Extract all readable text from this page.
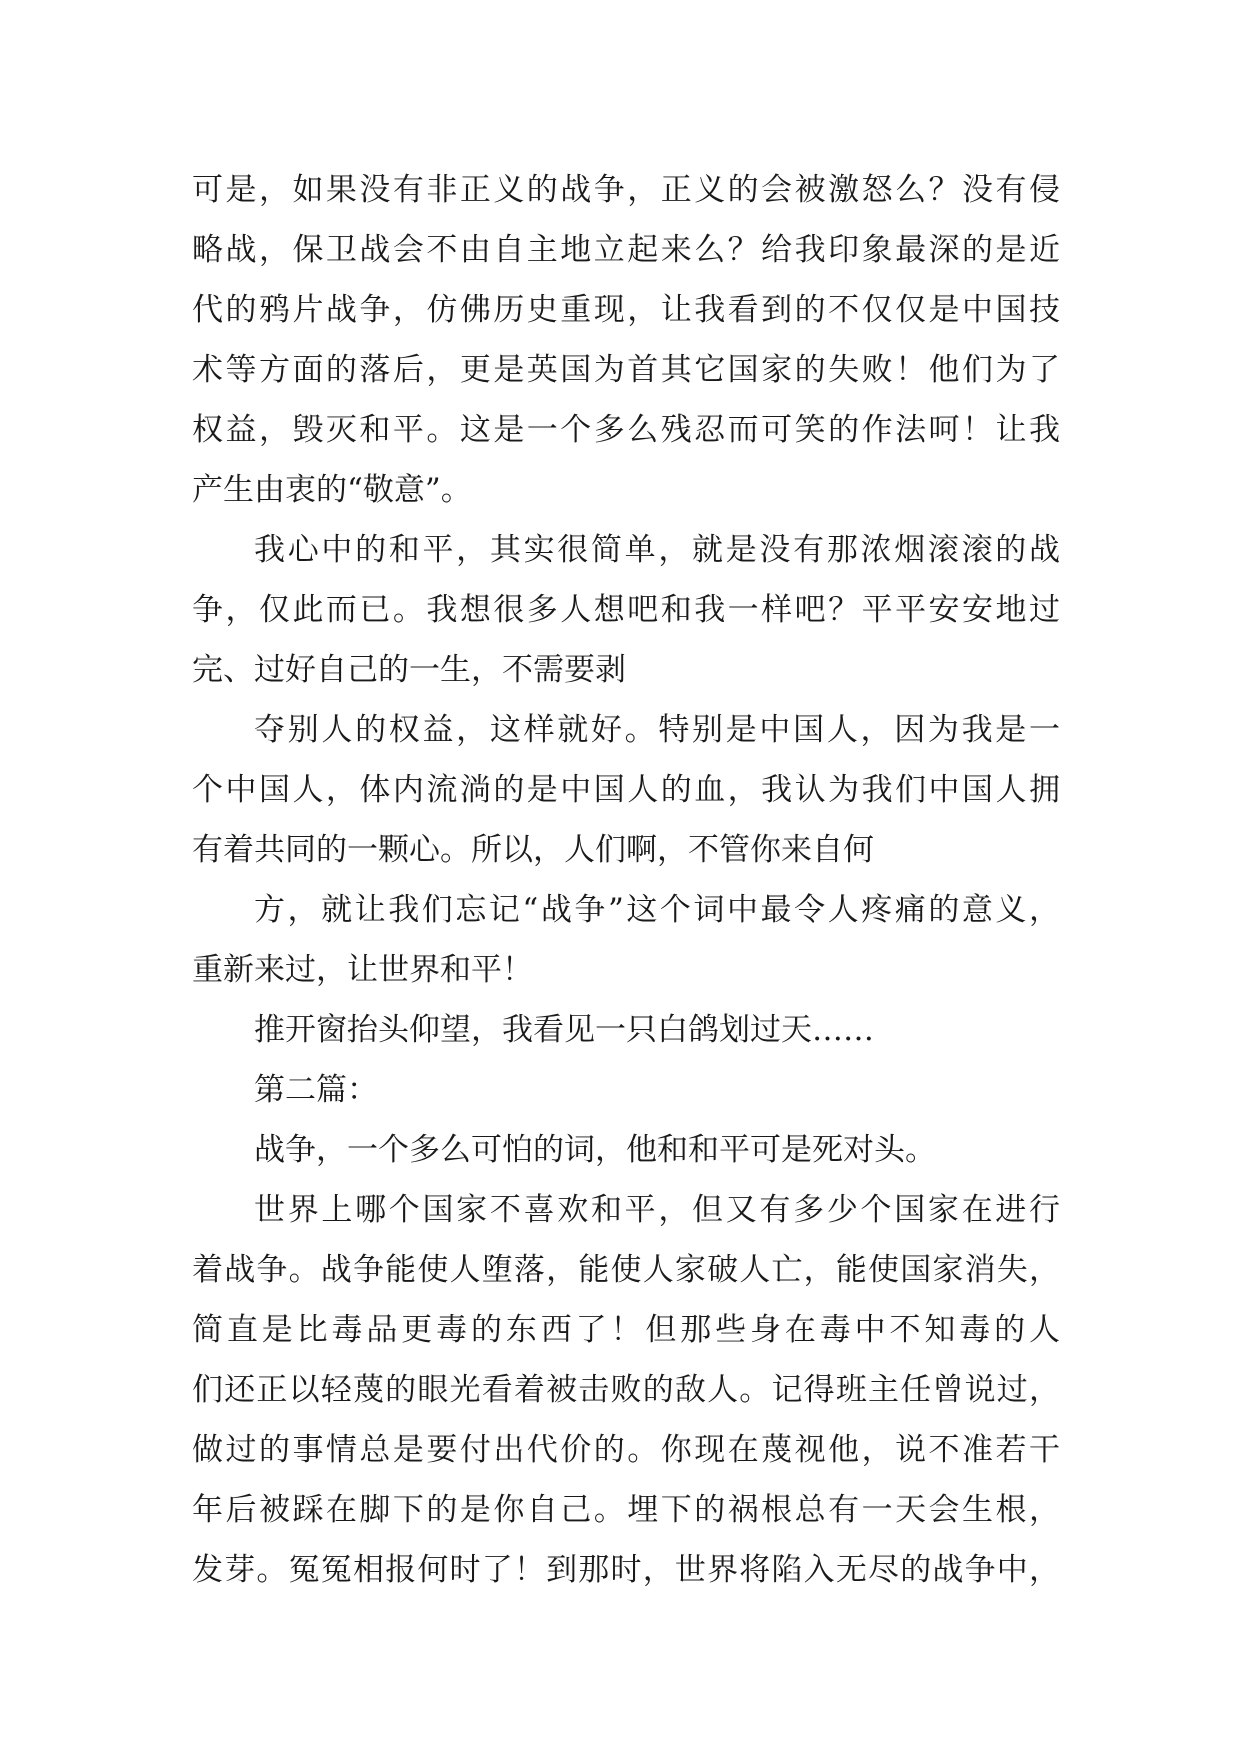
可是，如果没有非正义的战争，正义的会被激怒么？没有侵
略战，保卫战会不由自主地立起来么？给我印象最深的是近
代的鸦片战争，仿佛历史重现，让我看到的不仅仅是中国技
术等方面的落后，更是英国为首其它国家的失败！他们为了
权益，毁灭和平。这是一个多么残忍而可笑的作法呵！让我
产生由衷的“敬意”。
我心中的和平，其实很简单，就是没有那浓烟滚滚的战
争，仅此而已。我想很多人想吧和我一样吧？平平安安地过
完、过好自己的一生，不需要剥
夺别人的权益，这样就好。特别是中国人，因为我是一
个中国人，体内流淌的是中国人的血，我认为我们中国人拥
有着共同的一颗心。所以，人们啊，不管你来自何
方，就让我们忘记“战争”这个词中最令人疼痛的意义，
重新来过，让世界和平！
推开窗抬头仰望，我看见一只白鸽划过天……
第二篇：
战争，一个多么可怕的词，他和和平可是死对头。
世界上哪个国家不喜欢和平，但又有多少个国家在进行
着战争。战争能使人堕落，能使人家破人亡，能使国家消失，
简直是比毒品更毒的东西了！但那些身在毒中不知毒的人
们还正以轻蔑的眼光看着被击败的敌人。记得班主任曾说过，
做过的事情总是要付出代价的。你现在蔑视他，说不准若干
年后被踩在脚下的是你自己。埋下的祸根总有一天会生根，
发芽。冤冤相报何时了！到那时，世界将陷入无尽的战争中，
